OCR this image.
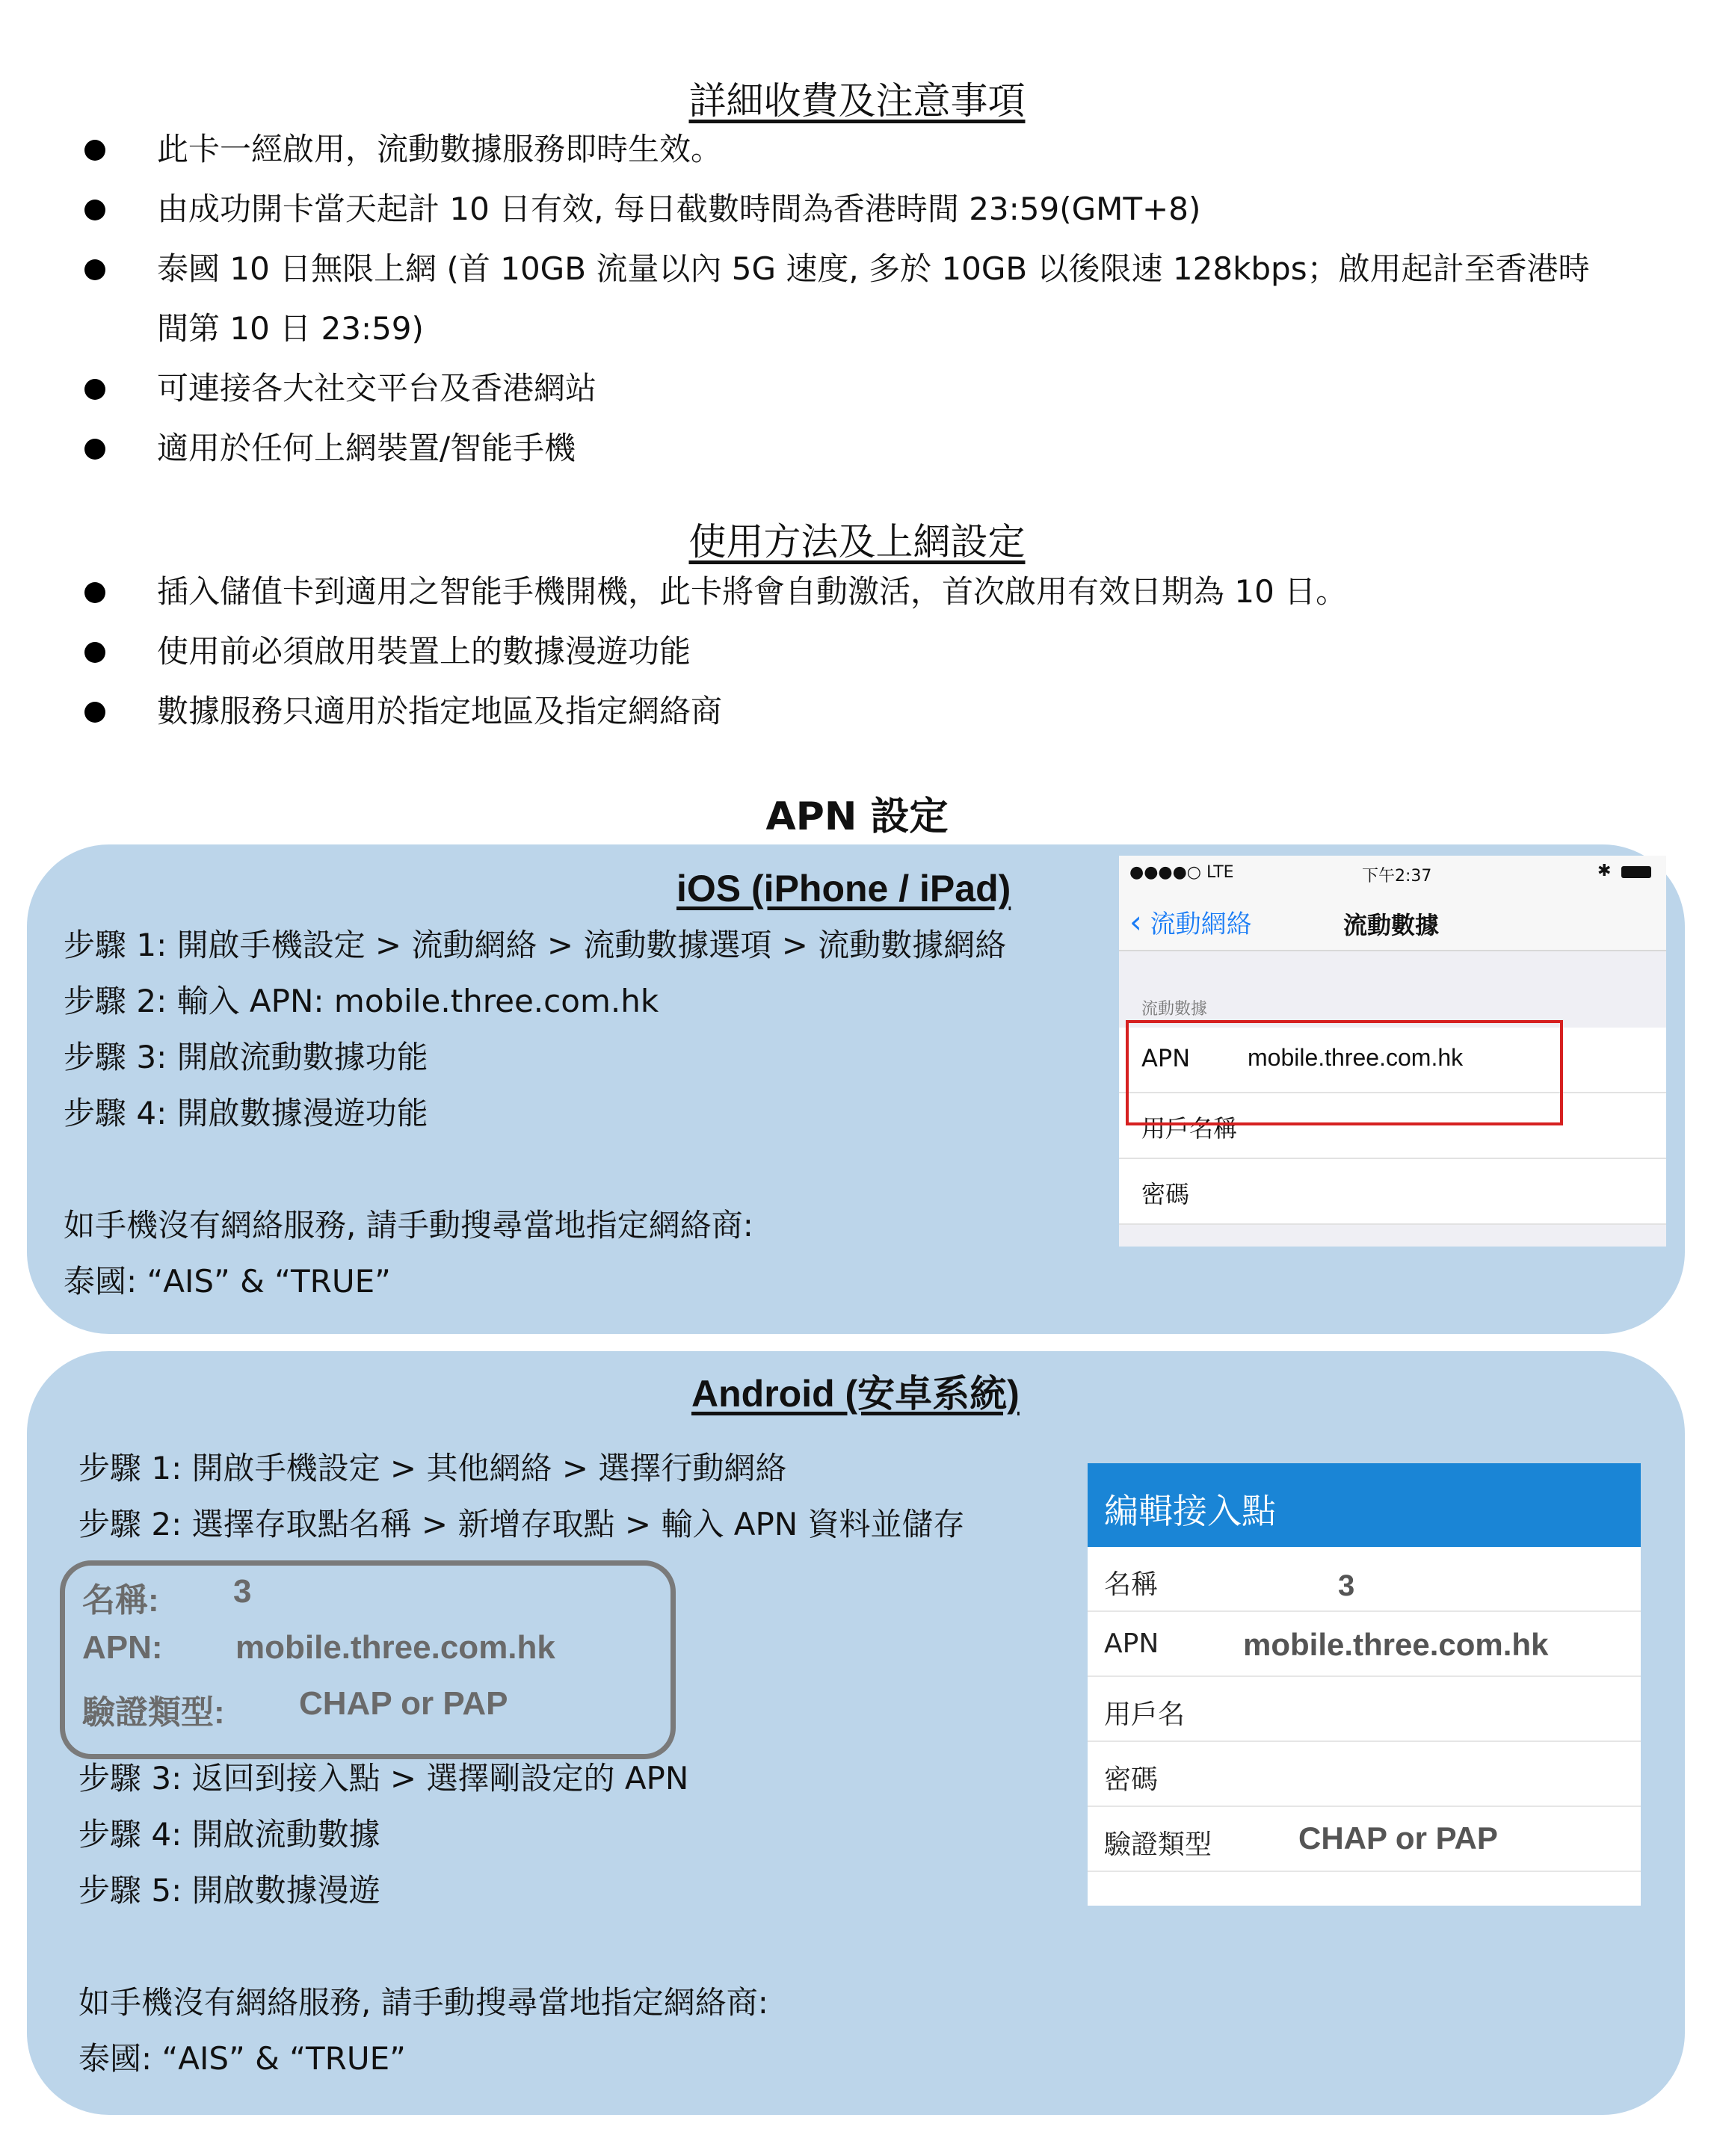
詳細收費及注意事項
此卡一經啟用，流動數據服務即時生效。
由成功開卡當天起計 10 日有效, 每日截數時間為香港時間 23:59(GMT+8)
泰國 10 日無限上網 (首 10GB 流量以內 5G 速度, 多於 10GB 以後限速 128kbps；啟用起計至香港時
間第 10 日 23:59)
可連接各大社交平台及香港網站
適用於任何上網裝置/智能手機
使用方法及上網設定
插入儲值卡到適用之智能手機開機，此卡將會自動激活，首次啟用有效日期為 10 日。
使用前必須啟用裝置上的數據漫遊功能
數據服務只適用於指定地區及指定網絡商
APN 設定
iOS (iPhone / iPad)
步驟 1: 開啟手機設定 > 流動網絡 > 流動數據選項 > 流動數據網絡
步驟 2: 輸入 APN: mobile.three.com.hk
步驟 3: 開啟流動數據功能
步驟 4: 開啟數據漫遊功能
如手機沒有網絡服務, 請手動搜尋當地指定網絡商:
泰國: “AIS” & “TRUE”
●●●●○ LTE	下午2:37	✱
‹ 流動網絡	流動數據
流動數據
APN mobile.three.com.hk
用戶名稱
密碼
Android (安卓系統)
步驟 1: 開啟手機設定 > 其他網絡 > 選擇行動網絡
步驟 2: 選擇存取點名稱 > 新增存取點 > 輸入 APN 資料並儲存
名稱: 3
APN: mobile.three.com.hk
驗證類型: CHAP or PAP
步驟 3: 返回到接入點 > 選擇剛設定的 APN
步驟 4: 開啟流動數據
步驟 5: 開啟數據漫遊
如手機沒有網絡服務, 請手動搜尋當地指定網絡商:
泰國: “AIS” & “TRUE”
編輯接入點
名稱	3
APN	mobile.three.com.hk
用戶名
密碼
驗證類型	CHAP or PAP
